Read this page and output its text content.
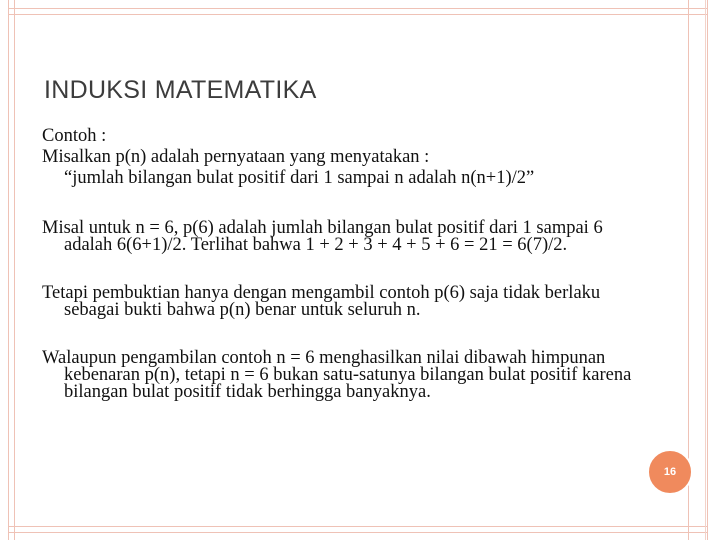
INDUKSI MATEMATIKA

Contoh :

Misalkan p(n) adalah pernyataan yang menyatakan :

“jumlah bilangan bulat positif dari 1 sampai n adalah n(n+1)/2”

Misal untuk n = 6, p(6) adalah jumlah bilangan bulat positif dari 1 sampai 6 adalah 6(6+1)/2. Terlihat bahwa 1 + 2 + 3 + 4 + 5 + 6 = 21 = 6(7)/2.

Tetapi pembuktian hanya dengan mengambil contoh p(6) saja tidak berlaku sebagai bukti bahwa p(n) benar untuk seluruh n.

Walaupun pengambilan contoh n = 6 menghasilkan nilai dibawah himpunan kebenaran p(n), tetapi n = 6 bukan satu-satunya bilangan bulat positif karena bilangan bulat positif tidak berhingga banyaknya.

16
